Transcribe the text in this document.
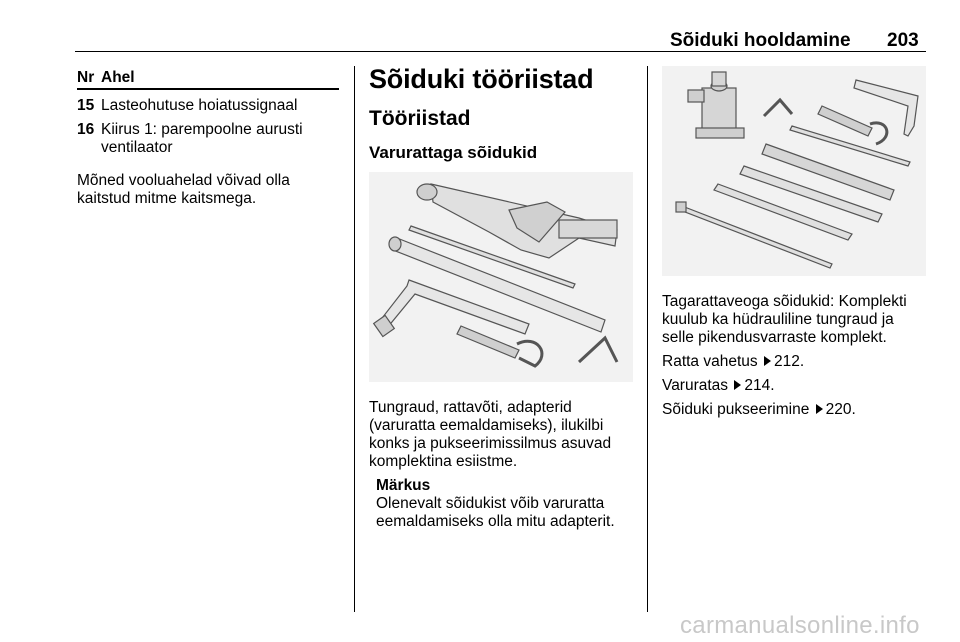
Sõiduki hooldamine 203
Nr Ahel
15 Lasteohutuse hoiatussignaal
16 Kiirus 1: parempoolne aurusti
ventilaator
Mõned vooluahelad võivad olla
kaitstud mitme kaitsmega.
Sõiduki tööriistad
Tööriistad
Varurattaga sõidukid
Tungraud, rattavõti, adapterid
(varuratta eemaldamiseks), ilukilbi
konks ja pukseerimissilmus asuvad
komplektina esiistme.
Märkus
Olenevalt sõidukist võib varuratta
eemaldamiseks olla mitu adapterit.
Tagarattaveoga sõidukid: Komplekti
kuulub ka hüdrauliline tungraud ja
selle pikendusvarraste komplekt.
Ratta vahetus 212.
Varuratas 214.
Sõiduki pukseerimine 220.
carmanualsonline.info
